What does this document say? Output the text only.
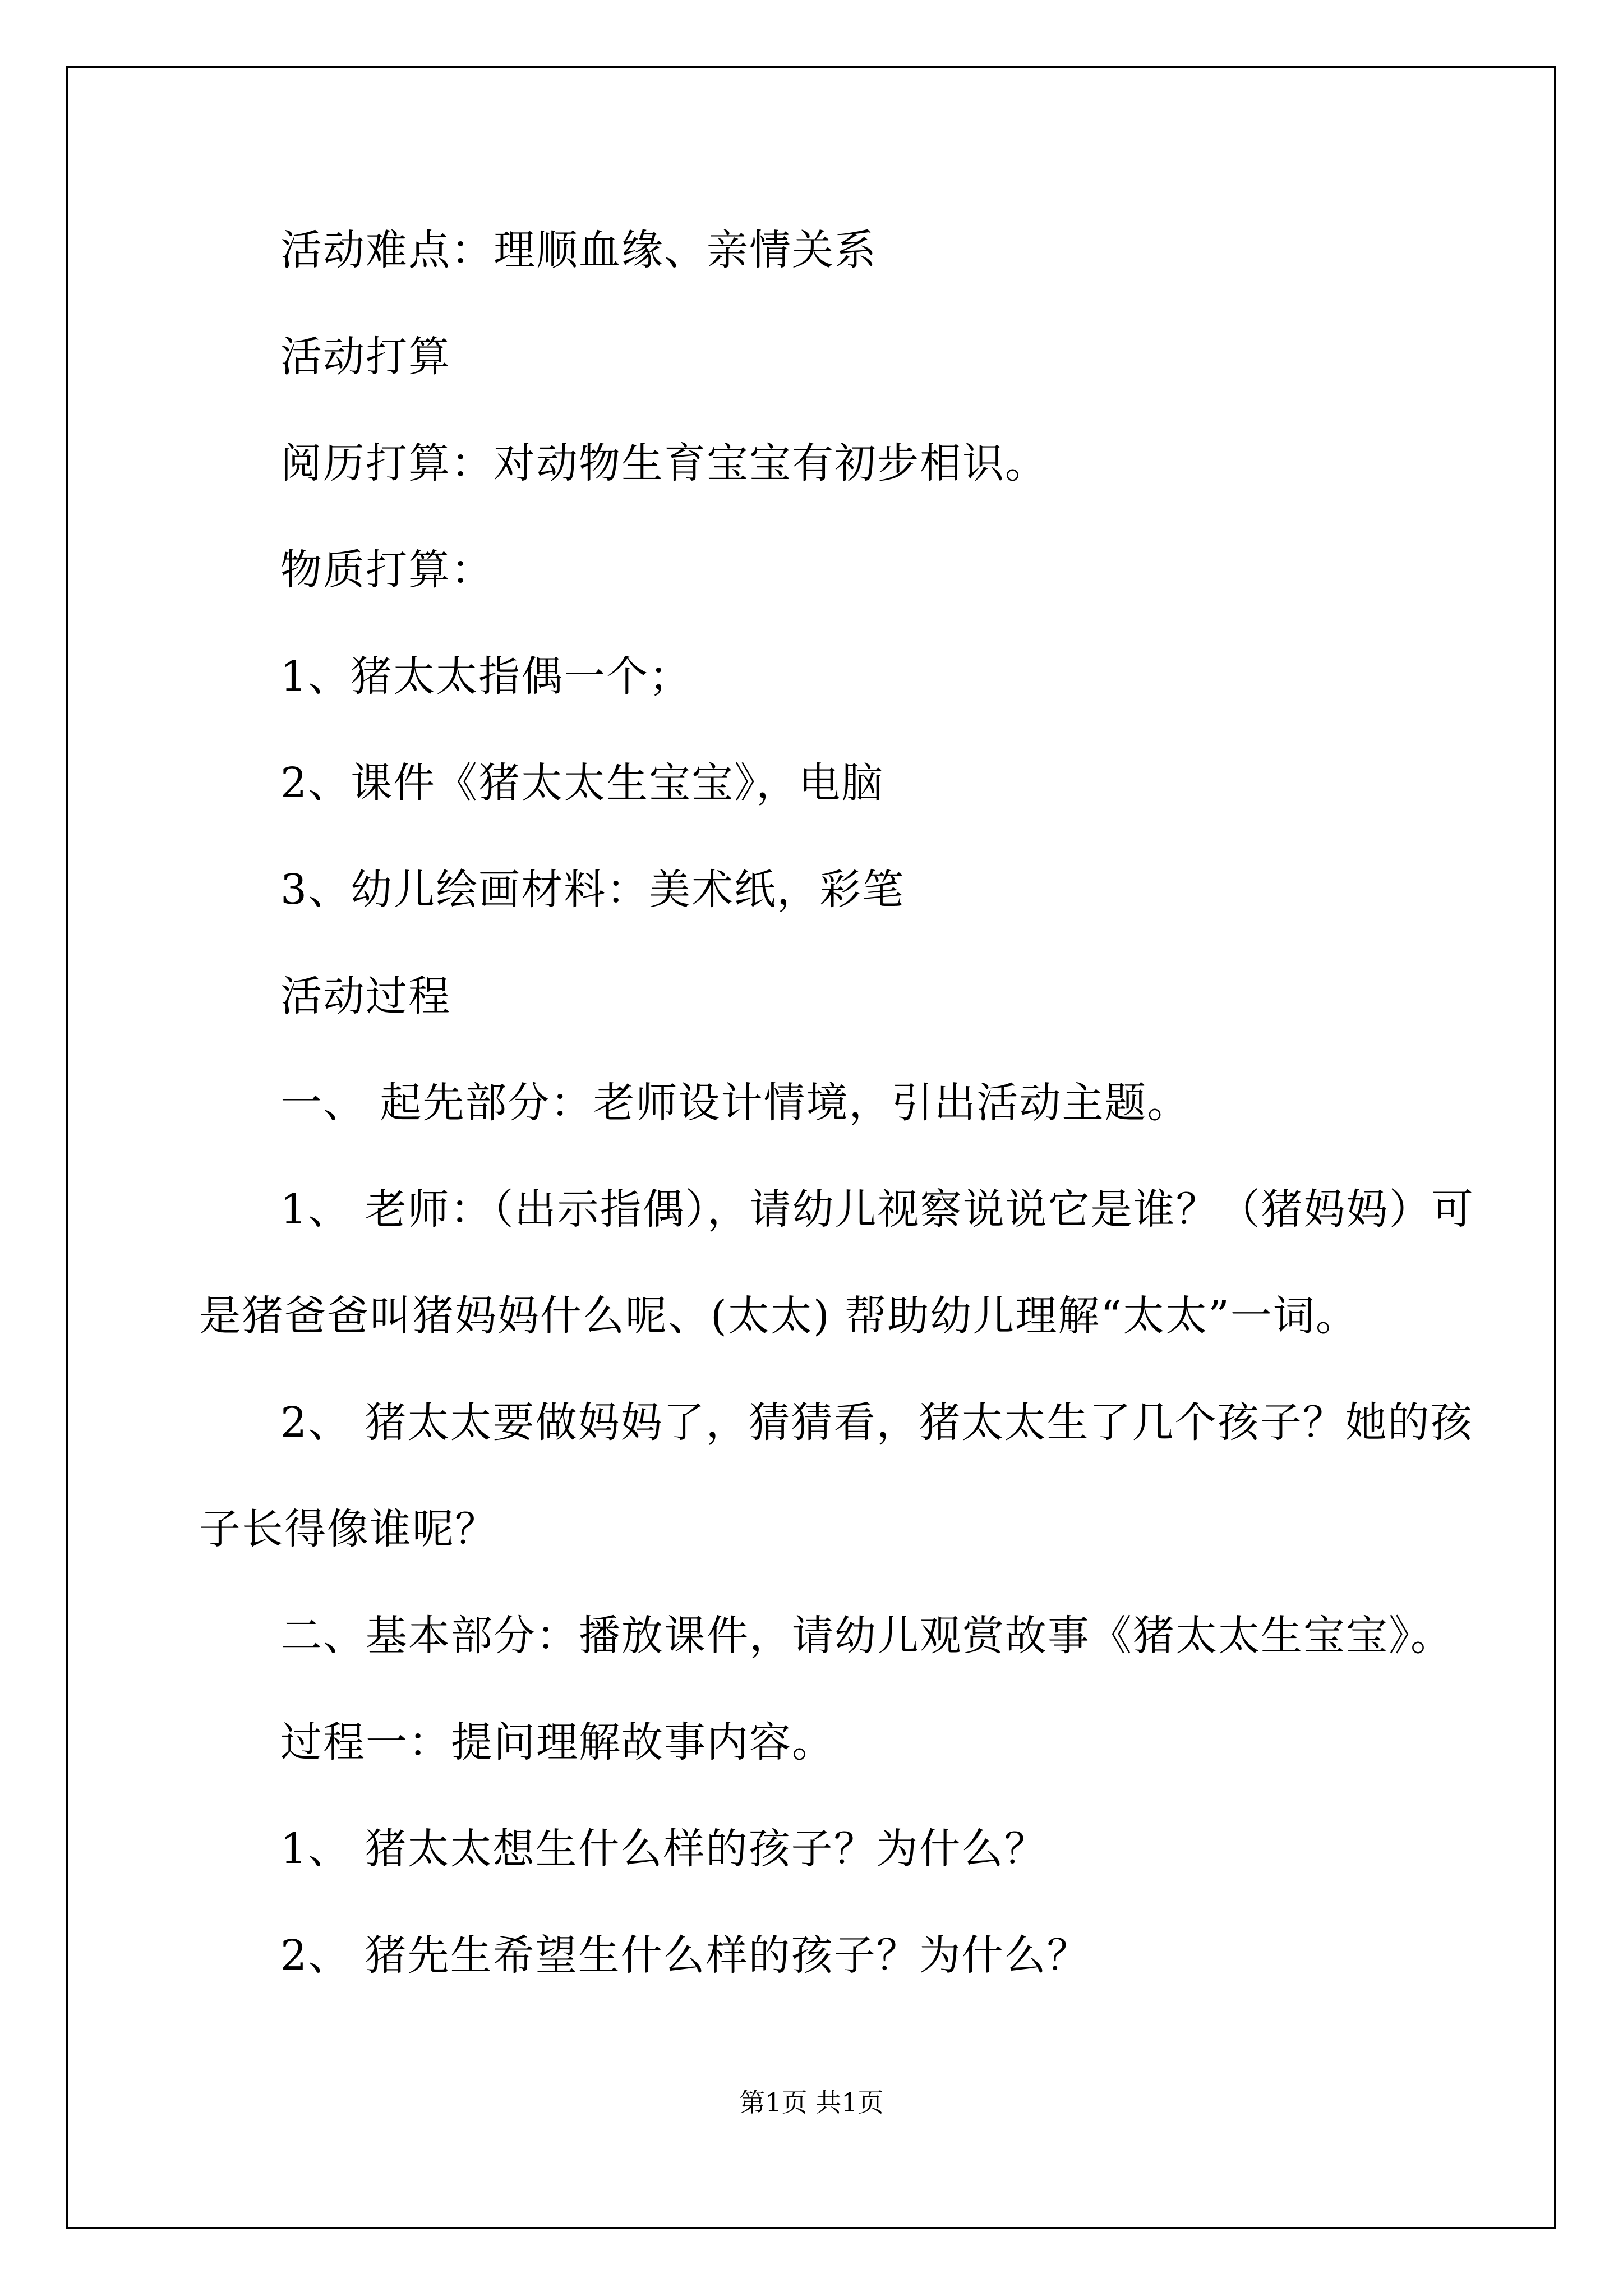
活动难点：理顺血缘、亲情关系
活动打算
阅历打算：对动物生育宝宝有初步相识。
物质打算：
1、猪太太指偶一个；
2、课件《猪太太生宝宝》，电脑
3、幼儿绘画材料：美术纸，彩笔
活动过程
一、 起先部分：老师设计情境，引出活动主题。
1、 老师：（出示指偶），请幼儿视察说说它是谁？（猪妈妈）可
是猪爸爸叫猪妈妈什么呢、(太太) 帮助幼儿理解“太太”一词。
2、 猪太太要做妈妈了，猜猜看，猪太太生了几个孩子？她的孩
子长得像谁呢？
二、基本部分：播放课件，请幼儿观赏故事《猪太太生宝宝》。
过程一：提问理解故事内容。
1、 猪太太想生什么样的孩子？为什么？
2、 猪先生希望生什么样的孩子？为什么？
第1页 共1页
